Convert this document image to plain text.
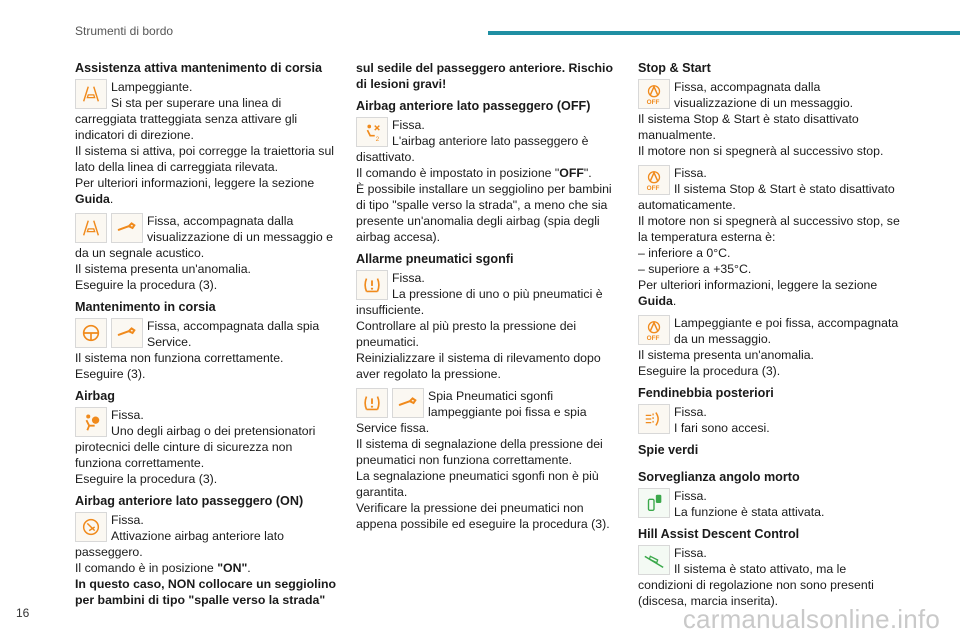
Strumenti di bordo
Assistenza attiva mantenimento di corsia
Lampeggiante.
Si sta per superare una linea di carreggiata tratteggiata senza attivare gli indicatori di direzione.
Il sistema si attiva, poi corregge la traiettoria sul lato della linea di carreggiata rilevata.
Per ulteriori informazioni, leggere la sezione Guida.
Fissa, accompagnata dalla visualizzazione di un messaggio e da un segnale acustico.
Il sistema presenta un'anomalia.
Eseguire la procedura (3).
Mantenimento in corsia
Fissa, accompagnata dalla spia Service.
Il sistema non funziona correttamente.
Eseguire (3).
Airbag
Fissa.
Uno degli airbag o dei pretensionatori pirotecnici delle cinture di sicurezza non funziona correttamente.
Eseguire la procedura (3).
Airbag anteriore lato passeggero (ON)
Fissa.
Attivazione airbag anteriore lato passeggero.
Il comando è in posizione "ON".
In questo caso, NON collocare un seggiolino per bambini di tipo "spalle verso la strada"
sul sedile del passeggero anteriore. Rischio di lesioni gravi!
Airbag anteriore lato passeggero (OFF)
2
Fissa.
L'airbag anteriore lato passeggero è disattivato.
Il comando è impostato in posizione "OFF".
È possibile installare un seggiolino per bambini di tipo "spalle verso la strada", a meno che sia presente un'anomalia degli airbag (spia degli airbag accesa).
Allarme pneumatici sgonfi
Fissa.
La pressione di uno o più pneumatici è insufficiente.
Controllare al più presto la pressione dei pneumatici.
Reinizializzare il sistema di rilevamento dopo aver regolato la pressione.
Spia Pneumatici sgonfi lampeggiante poi fissa e spia Service fissa.
Il sistema di segnalazione della pressione dei pneumatici non funziona correttamente.
La segnalazione pneumatici sgonfi non è più garantita.
Verificare la pressione dei pneumatici non appena possibile ed eseguire la procedura (3).
Stop & Start
OFF
Fissa, accompagnata dalla visualizzazione di un messaggio.
Il sistema Stop & Start è stato disattivato manualmente.
Il motore non si spegnerà al successivo stop.
OFF
Fissa.
Il sistema Stop & Start è stato disattivato automaticamente.
Il motore non si spegnerà al successivo stop, se la temperatura esterna è:
– inferiore a 0°C.
– superiore a +35°C.
Per ulteriori informazioni, leggere la sezione Guida.
OFF
Lampeggiante e poi fissa, accompagnata da un messaggio.
Il sistema presenta un'anomalia.
Eseguire la procedura (3).
Fendinebbia posteriori
Fissa.
I fari sono accesi.
Spie verdi
Sorveglianza angolo morto
Fissa.
La funzione è stata attivata.
Hill Assist Descent Control
Fissa.
Il sistema è stato attivato, ma le condizioni di regolazione non sono presenti (discesa, marcia inserita).
16	carmanualsonline.info
